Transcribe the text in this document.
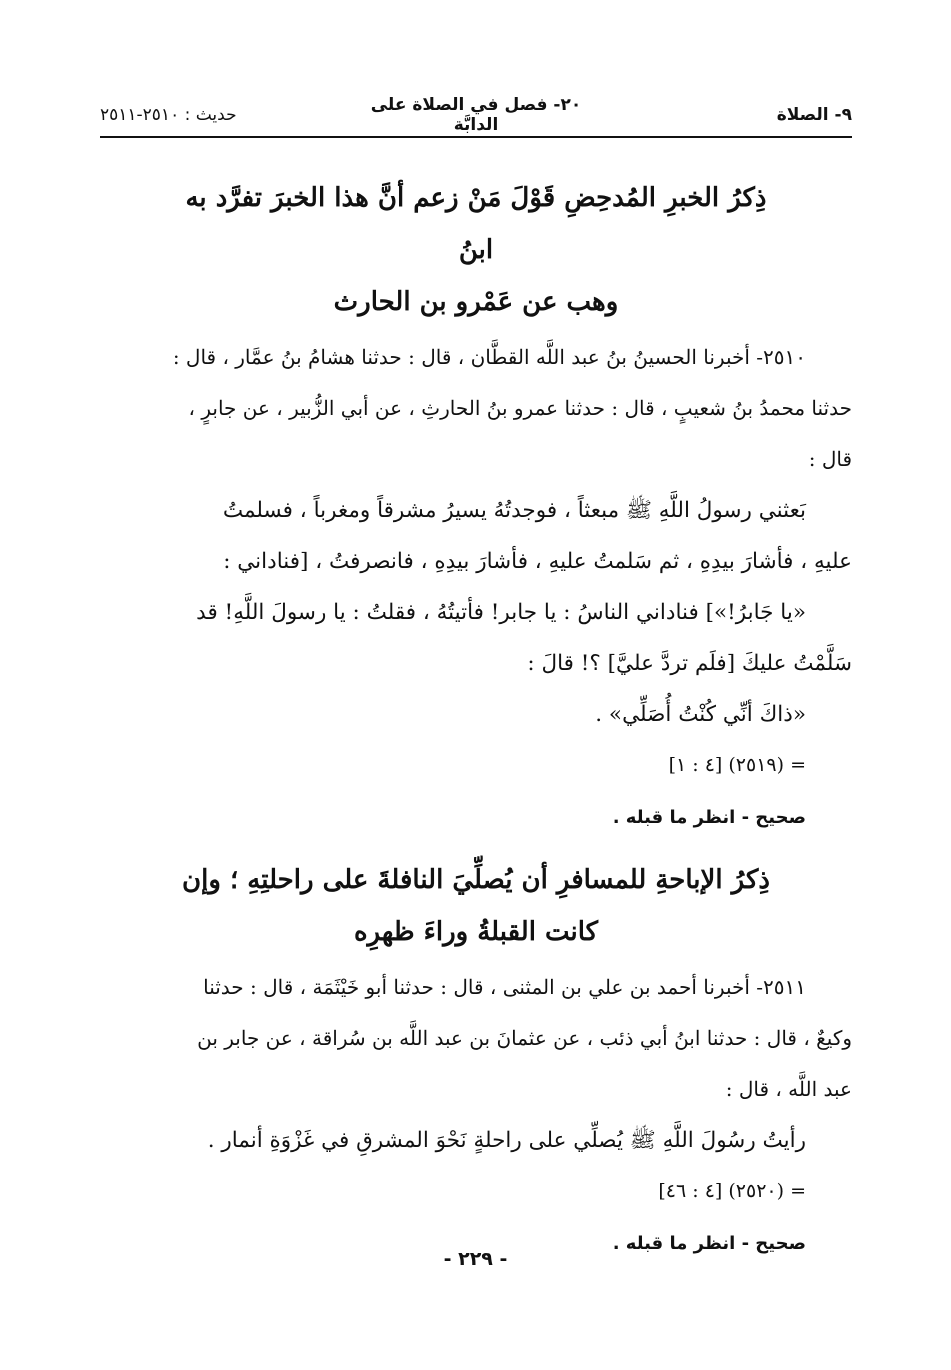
٩- الصلاة
٢٠- فصل في الصلاة على الدابَّة
حديث : ٢٥١٠-٢٥١١
ذِكرُ الخبرِ المُدحِضِ قَوْلَ مَنْ زعم أنَّ هذا الخبرَ تفرَّد به ابنُ
وهب عن عَمْرو بن الحارث

٢٥١٠- أخبرنا الحسينُ بنُ عبد اللَّه القطَّان ، قال : حدثنا هشامُ بنُ عمَّار ، قال :

حدثنا محمدُ بنُ شعيبٍ ، قال : حدثنا عمرو بنُ الحارثِ ، عن أبي الزُّبير ، عن جابرٍ ،

قال :

بَعثني رسولُ اللَّهِ ﷺ مبعثاً ، فوجدتُهُ يسيرُ مشرقاً ومغرباً ، فسلمتُ

عليهِ ، فأشارَ بيدِهِ ، ثم سَلمتُ عليهِ ، فأشارَ بيدِهِ ، فانصرفتُ ، [فناداني :

«يا جَابرُ!»] فناداني الناسُ : يا جابر! فأتيتُهُ ، فقلتُ : يا رسولَ اللَّهِ! قد

سَلَّمْتُ عليكَ [فلَم تردَّ عليَّ] ؟! قالَ :

«ذاكَ أنِّي كُنْتُ أُصَلِّي» .

= (٢٥١٩) [٤ : ١]

صحيح - انظر ما قبله .

ذِكرُ الإباحةِ للمسافرِ أن يُصلِّيَ النافلةَ على راحلتِهِ ؛ وإن
كانت القبلةُ وراءَ ظهرِه

٢٥١١- أخبرنا أحمد بن علي بن المثنى ، قال : حدثنا أبو خَيْثَمَة ، قال : حدثنا

وكيعٌ ، قال : حدثنا ابنُ أبي ذئب ، عن عثمانَ بن عبد اللَّه بن سُراقة ، عن جابر بن

عبد اللَّه ، قال :

رأيتُ رسُولَ اللَّهِ ﷺ يُصلِّي على راحلةٍ نَحْوَ المشرقِ في غَزْوَةِ أنمار .

= (٢٥٢٠) [٤ : ٤٦]

صحيح - انظر ما قبله .

- ٢٢٩ -
